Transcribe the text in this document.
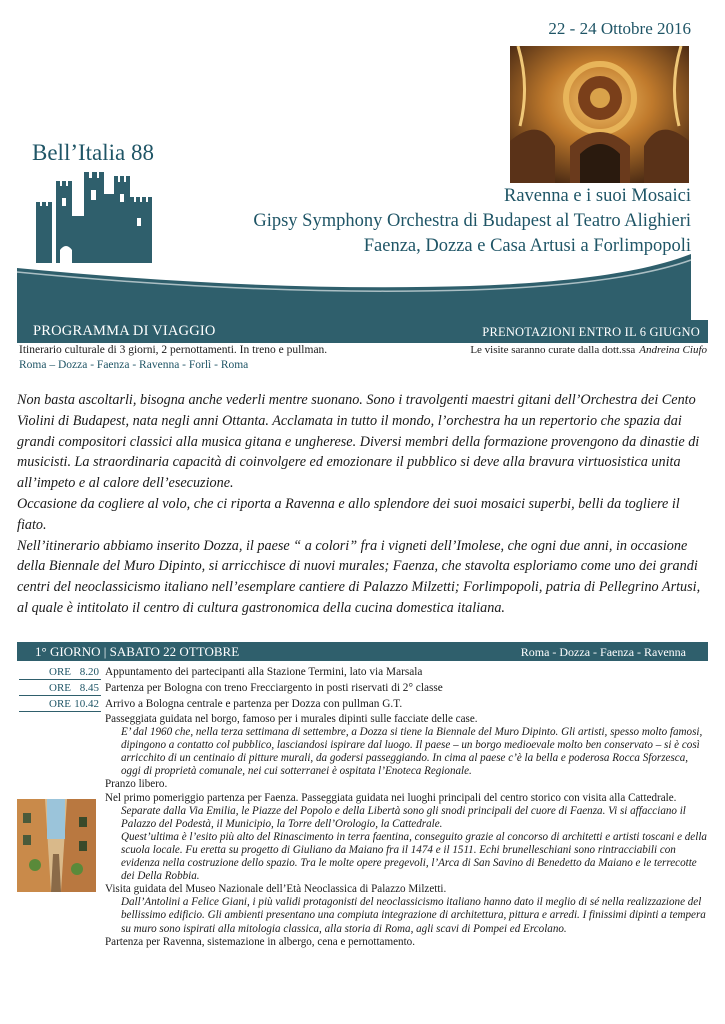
22 - 24 Ottobre 2016
Bell’Italia 88
Ravenna e i suoi Mosaici
Gipsy Symphony Orchestra di Budapest al Teatro Alighieri
Faenza, Dozza e Casa Artusi a Forlimpopoli
PROGRAMMA DI VIAGGIO	PRENOTAZIONI ENTRO IL 6 GIUGNO
Itinerario culturale di 3 giorni, 2 pernottamenti. In treno e pullman.
Roma – Dozza - Faenza - Ravenna - Forlì - Roma
Le visite saranno curate dalla dott.ssa Andreina Ciufo

Non basta ascoltarli, bisogna anche vederli mentre suonano. Sono i travolgenti maestri gitani dell’Orchestra dei Cento Violini di Budapest, nata negli anni Ottanta. Acclamata in tutto il mondo, l’orchestra ha un repertorio che spazia dai grandi compositori classici alla musica gitana e ungherese. Diversi membri della formazione provengono da dinastie di musicisti. La straordinaria capacità di coinvolgere ed emozionare il pubblico si deve alla bravura virtuosistica unita all’impeto e al calore dell’esecuzione.

Occasione da cogliere al volo, che ci riporta a Ravenna e allo splendore dei suoi mosaici superbi, belli da togliere il fiato.

Nell’itinerario abbiamo inserito Dozza, il paese “ a colori” fra i vigneti dell’Imolese, che ogni due anni, in occasione della Biennale del Muro Dipinto, si arricchisce di nuovi murales; Faenza, che stavolta esploriamo come uno dei grandi centri del neoclassicismo italiano nell’esemplare cantiere di Palazzo Milzetti; Forlimpopoli, patria di Pellegrino Artusi, al quale è intitolato il centro di cultura gastronomica della cucina domestica italiana.

1° GIORNO | SABATO 22 OTTOBRE	Roma - Dozza - Faenza - Ravenna
ORE 8.20 Appuntamento dei partecipanti alla Stazione Termini, lato via Marsala
ORE 8.45 Partenza per Bologna con treno Frecciargento in posti riservati di 2° classe
ORE 10.42 Arrivo a Bologna centrale e partenza per Dozza con pullman G.T.

Passeggiata guidata nel borgo, famoso per i murales dipinti sulle facciate delle case.

E’ dal 1960 che, nella terza settimana di settembre, a Dozza si tiene la Biennale del Muro Dipinto. Gli artisti, spesso molto famosi, dipingono a contatto col pubblico, lasciandosi ispirare dal luogo. Il paese – un borgo medioevale molto ben conservato – si è così arricchito di un centinaio di pitture murali, da godersi passeggiando. In cima al paese c’è la bella e poderosa Rocca Sforzesca, oggi di proprietà comunale, nei cui sotterranei è ospitata l’Enoteca Regionale.

Pranzo libero.

Nel primo pomeriggio partenza per Faenza. Passeggiata guidata nei luoghi principali del centro storico con visita alla Cattedrale.

Separate dalla Via Emilia, le Piazze del Popolo e della Libertà sono gli snodi principali del cuore di Faenza. Vi si affacciano il Palazzo del Podestà, il Municipio, la Torre dell’Orologio, la Cattedrale.

Quest’ultima è l’esito più alto del Rinascimento in terra faentina, conseguito grazie al concorso di architetti e artisti toscani e della scuola locale. Fu eretta su progetto di Giuliano da Maiano fra il 1474 e il 1511. Echi brunelleschiani sono rintracciabili con evidenza nella costruzione dello spazio. Tra le molte opere pregevoli, l’Arca di San Savino di Benedetto da Maiano e le terrecotte dei Della Robbia.

Visita guidata del Museo Nazionale dell’Età Neoclassica di Palazzo Milzetti.

Dall’Antolini a Felice Giani, i più validi protagonisti del neoclassicismo italiano hanno dato il meglio di sé nella realizzazione del bellissimo edificio. Gli ambienti presentano una compiuta integrazione di architettura, pittura e arredi. I finissimi dipinti a tempera su muro sono ispirati alla mitologia classica, alla storia di Roma, agli scavi di Pompei ed Ercolano.

Partenza per Ravenna, sistemazione in albergo, cena e pernottamento.
